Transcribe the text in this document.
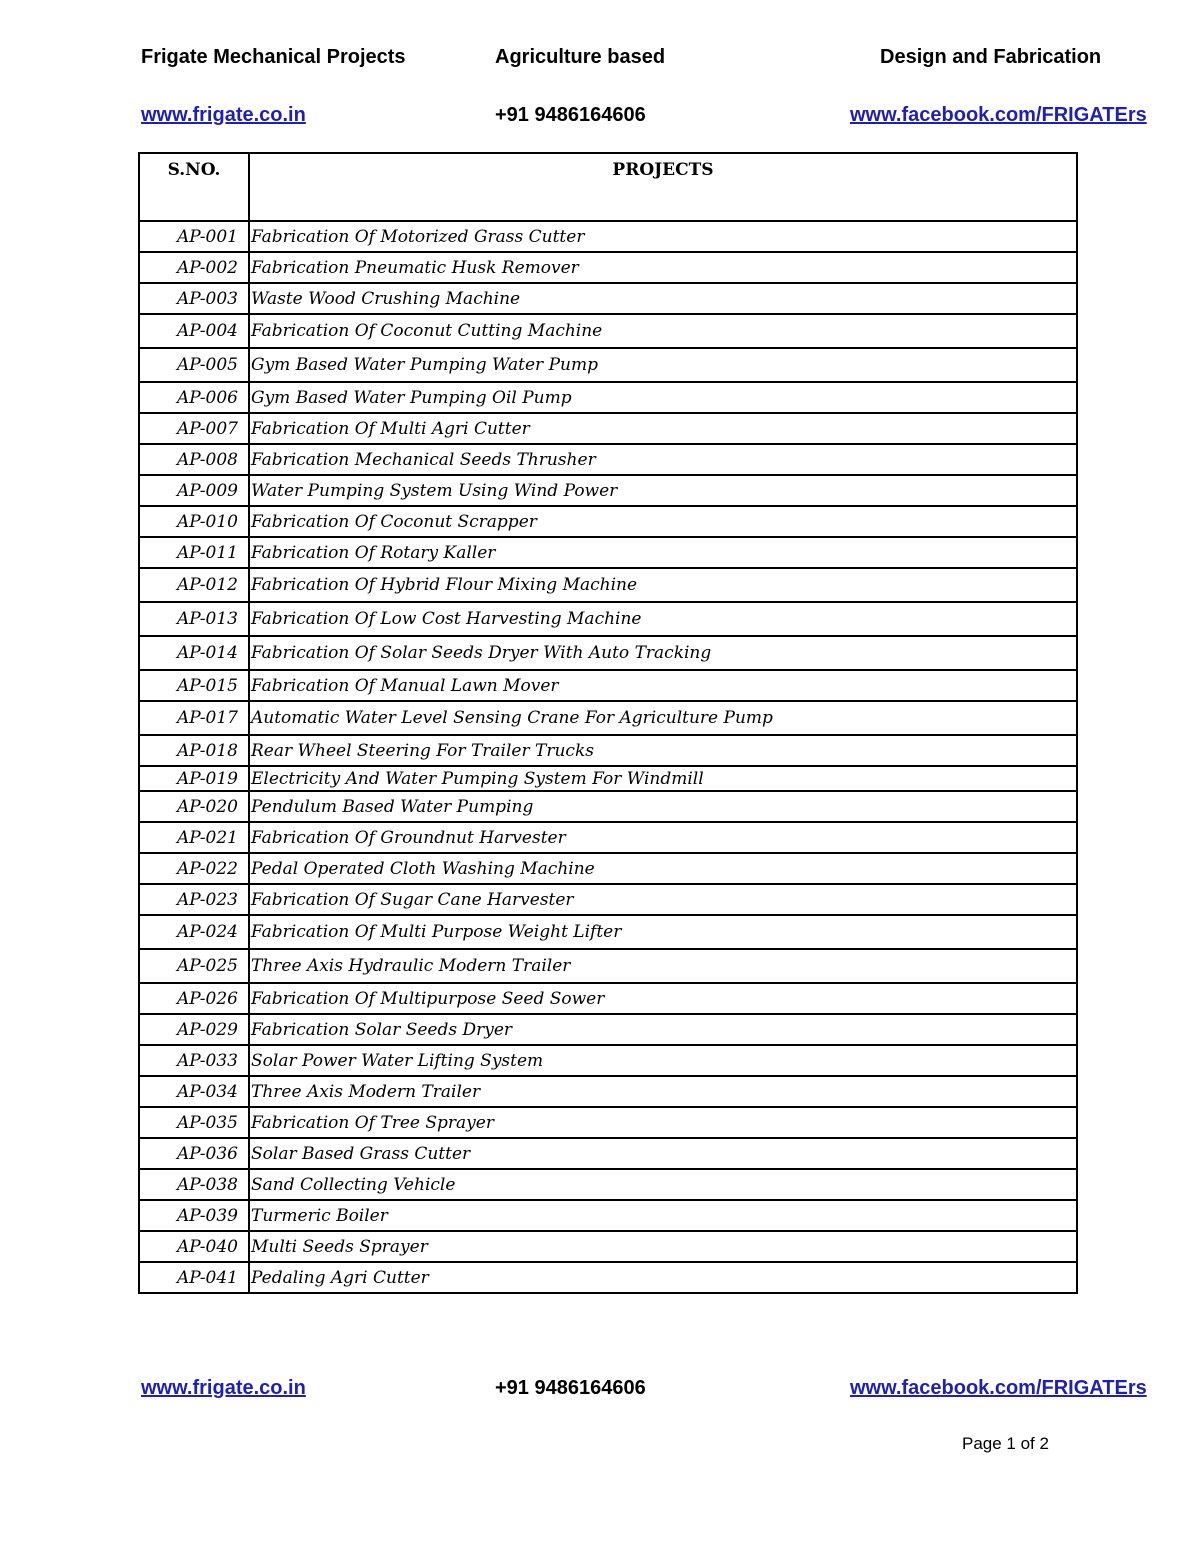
Frigate Mechanical Projects	Agriculture based	Design and Fabrication
www.frigate.co.in	+91 9486164606	www.facebook.com/FRIGATErs
S.NO.	PROJECTS
AP-001	Fabrication Of Motorized Grass Cutter
AP-002	Fabrication Pneumatic Husk Remover
AP-003	Waste Wood Crushing Machine
AP-004	Fabrication Of Coconut Cutting Machine
AP-005	Gym Based Water Pumping Water Pump
AP-006	Gym Based Water Pumping Oil Pump
AP-007	Fabrication Of Multi Agri Cutter
AP-008	Fabrication Mechanical Seeds Thrusher
AP-009	Water Pumping System Using Wind Power
AP-010	Fabrication Of Coconut Scrapper
AP-011	Fabrication Of Rotary Kaller
AP-012	Fabrication Of Hybrid Flour Mixing Machine
AP-013	Fabrication Of Low Cost Harvesting Machine
AP-014	Fabrication Of Solar Seeds Dryer With Auto Tracking
AP-015	Fabrication Of Manual Lawn Mover
AP-017	Automatic Water Level Sensing Crane For Agriculture Pump
AP-018	Rear Wheel Steering For Trailer Trucks
AP-019	Electricity And Water Pumping System For Windmill
AP-020	Pendulum Based Water Pumping
AP-021	Fabrication Of Groundnut Harvester
AP-022	Pedal Operated Cloth Washing Machine
AP-023	Fabrication Of Sugar Cane Harvester
AP-024	Fabrication Of Multi Purpose Weight Lifter
AP-025	Three Axis Hydraulic Modern Trailer
AP-026	Fabrication Of Multipurpose Seed Sower
AP-029	Fabrication Solar Seeds Dryer
AP-033	Solar Power Water Lifting System
AP-034	Three Axis Modern Trailer
AP-035	Fabrication Of Tree Sprayer
AP-036	Solar Based Grass Cutter
AP-038	Sand Collecting Vehicle
AP-039	Turmeric Boiler
AP-040	Multi Seeds Sprayer
AP-041	Pedaling Agri Cutter
www.frigate.co.in	+91 9486164606	www.facebook.com/FRIGATErs
Page 1 of 2
